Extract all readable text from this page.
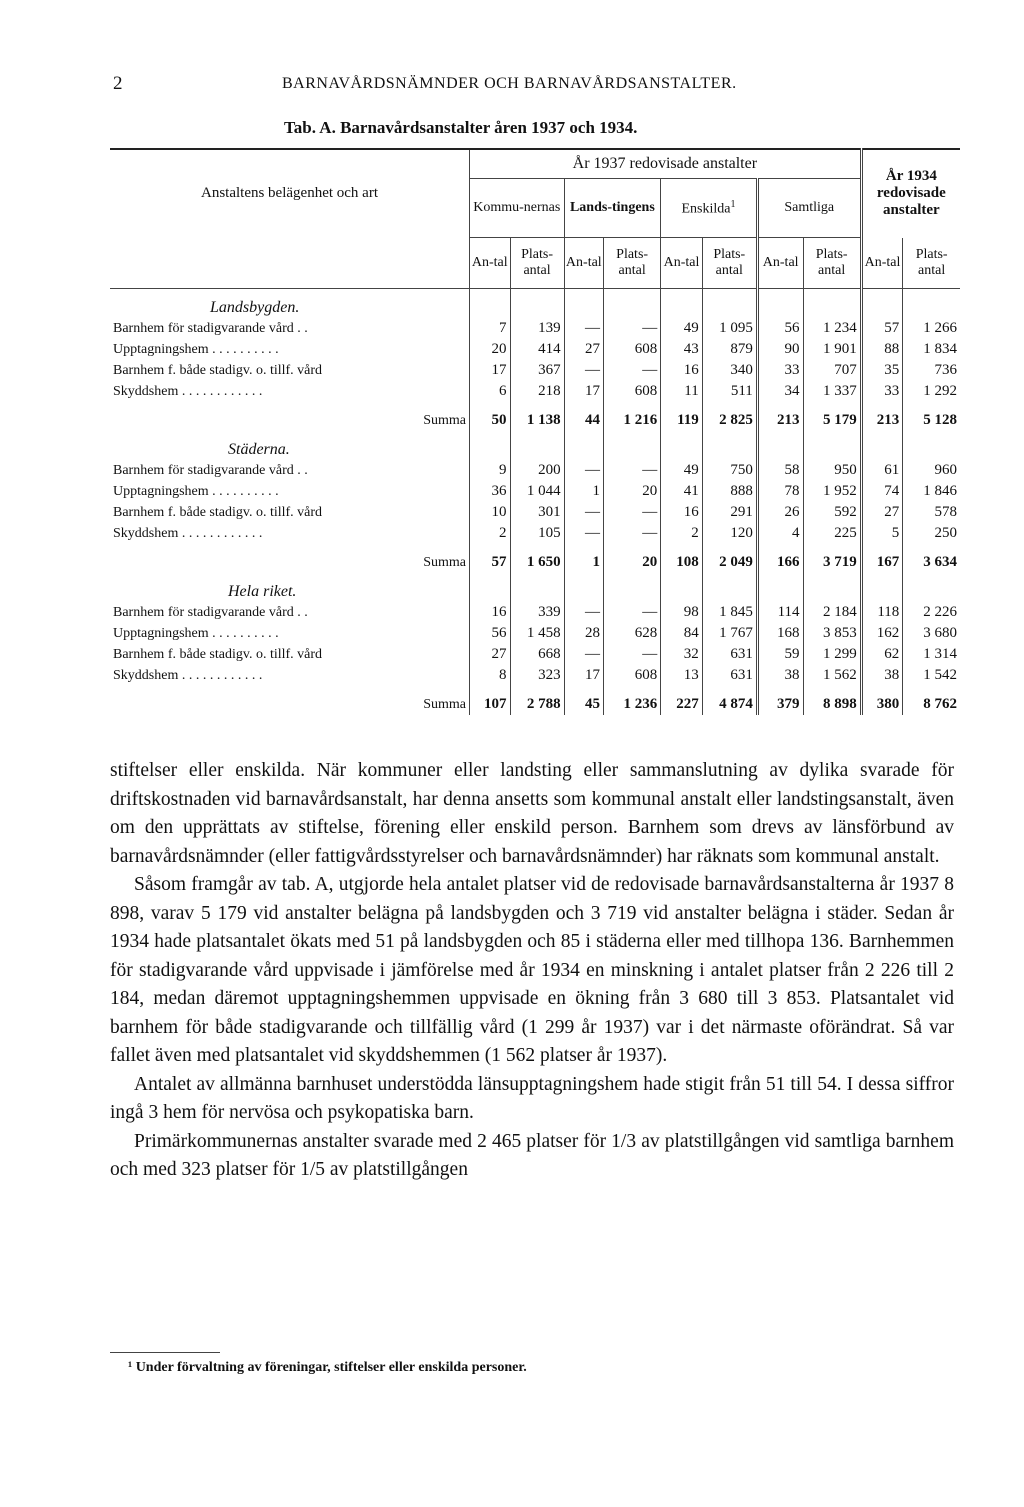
2	BARNAVÅRDSNÄMNDER OCH BARNAVÅRDSANSTALTER.
Tab. A. Barnavårdsanstalter åren 1937 och 1934.
Anstaltens belägenhet och art	År 1937 redovisade anstalter								År 1934 redovisade anstalter	
	Kommu-nernas		Lands-tingens		Enskilda$^1$		Samtliga			
	An-tal	Plats-antal	An-tal	Plats-antal	An-tal	Plats-antal	An-tal	Plats-antal	An-tal	Plats-antal
Landsbygden.										
Barnhem för stadigvarande vård . .	7	139	—	—	49	1 095	56	1 234	57	1 266
Upptagningshem . . . . . . . . . .	20	414	27	608	43	879	90	1 901	88	1 834
Barnhem f. både stadigv. o. tillf. vård	17	367	—	—	16	340	33	707	35	736
Skyddshem . . . . . . . . . . . .	6	218	17	608	11	511	34	1 337	33	1 292
Summa	50	1 138	44	1 216	119	2 825	213	5 179	213	5 128
Städerna.										
Barnhem för stadigvarande vård . .	9	200	—	—	49	750	58	950	61	960
Upptagningshem . . . . . . . . . .	36	1 044	1	20	41	888	78	1 952	74	1 846
Barnhem f. både stadigv. o. tillf. vård	10	301	—	—	16	291	26	592	27	578
Skyddshem . . . . . . . . . . . .	2	105	—	—	2	120	4	225	5	250
Summa	57	1 650	1	20	108	2 049	166	3 719	167	3 634
Hela riket.										
Barnhem för stadigvarande vård . .	16	339	—	—	98	1 845	114	2 184	118	2 226
Upptagningshem . . . . . . . . . .	56	1 458	28	628	84	1 767	168	3 853	162	3 680
Barnhem f. både stadigv. o. tillf. vård	27	668	—	—	32	631	59	1 299	62	1 314
Skyddshem . . . . . . . . . . . .	8	323	17	608	13	631	38	1 562	38	1 542
Summa	107	2 788	45	1 236	227	4 874	379	8 898	380	8 762

stiftelser eller enskilda. När kommuner eller landsting eller sammanslutning av dylika svarade för driftskostnaden vid barnavårdsanstalt, har denna ansetts som kommunal anstalt eller landstingsanstalt, även om den upprättats av stiftelse, förening eller enskild person. Barnhem som drevs av länsförbund av barnavårdsnämnder (eller fattigvårdsstyrelser och barnavårdsnämnder) har räknats som kommunal anstalt.

Såsom framgår av tab. A, utgjorde hela antalet platser vid de redovisade barnavårdsanstalterna år 1937 8 898, varav 5 179 vid anstalter belägna på landsbygden och 3 719 vid anstalter belägna i städer. Sedan år 1934 hade platsantalet ökats med 51 på landsbygden och 85 i städerna eller med tillhopa 136. Barnhemmen för stadigvarande vård uppvisade i jämförelse med år 1934 en minskning i antalet platser från 2 226 till 2 184, medan däremot upptagningshemmen uppvisade en ökning från 3 680 till 3 853. Platsantalet vid barnhem för både stadigvarande och tillfällig vård (1 299 år 1937) var i det närmaste oförändrat. Så var fallet även med platsantalet vid skyddshemmen (1 562 platser år 1937).

Antalet av allmänna barnhuset understödda länsupptagningshem hade stigit från 51 till 54. I dessa siffror ingå 3 hem för nervösa och psykopatiska barn.

Primärkommunernas anstalter svarade med 2 465 platser för 1/3 av platstillgången vid samtliga barnhem och med 323 platser för 1/5 av platstillgången

¹ Under förvaltning av föreningar, stiftelser eller enskilda personer.
